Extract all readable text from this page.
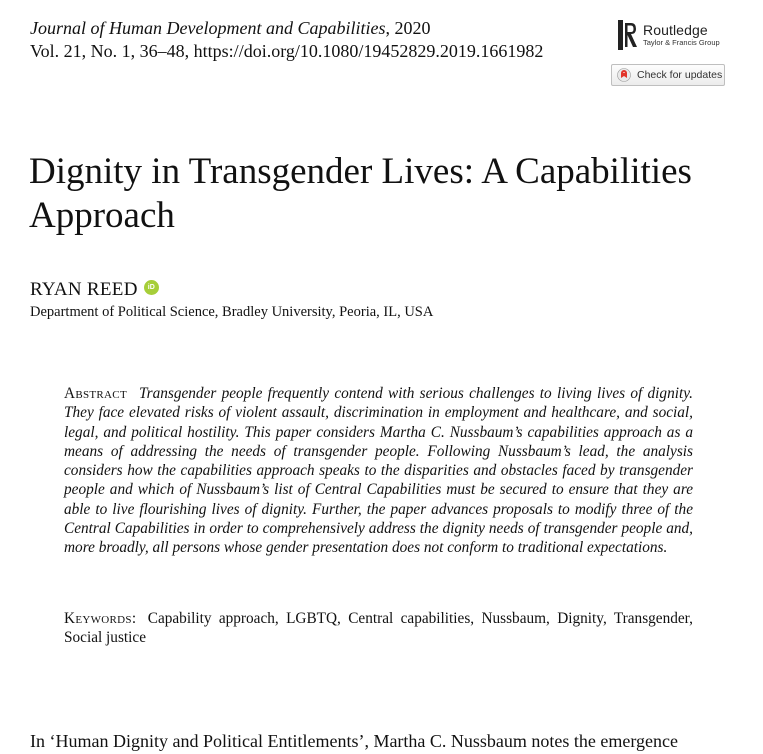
Journal of Human Development and Capabilities, 2020
Vol. 21, No. 1, 36–48, https://doi.org/10.1080/19452829.2019.1661982
Routledge
Taylor & Francis Group
Check for updates
Dignity in Transgender Lives: A Capabilities Approach
RYAN REED	iD
Department of Political Science, Bradley University, Peoria, IL, USA
Abstract Transgender people frequently contend with serious challenges to living lives of dignity. They face elevated risks of violent assault, discrimination in employment and healthcare, and social, legal, and political hostility. This paper considers Martha C. Nussbaum’s capabilities approach as a means of addressing the needs of transgender people. Following Nussbaum’s lead, the analysis considers how the capabilities approach speaks to the disparities and obstacles faced by transgender people and which of Nussbaum’s list of Central Capabilities must be secured to ensure that they are able to live flourishing lives of dignity. Further, the paper advances proposals to modify three of the Central Capabilities in order to comprehensively address the dignity needs of transgender people and, more broadly, all persons whose gender presentation does not conform to traditional expectations.
Keywords: Capability approach, LGBTQ, Central capabilities, Nussbaum, Dignity, Transgender, Social justice
In ‘Human Dignity and Political Entitlements’, Martha C. Nussbaum notes the emergence
